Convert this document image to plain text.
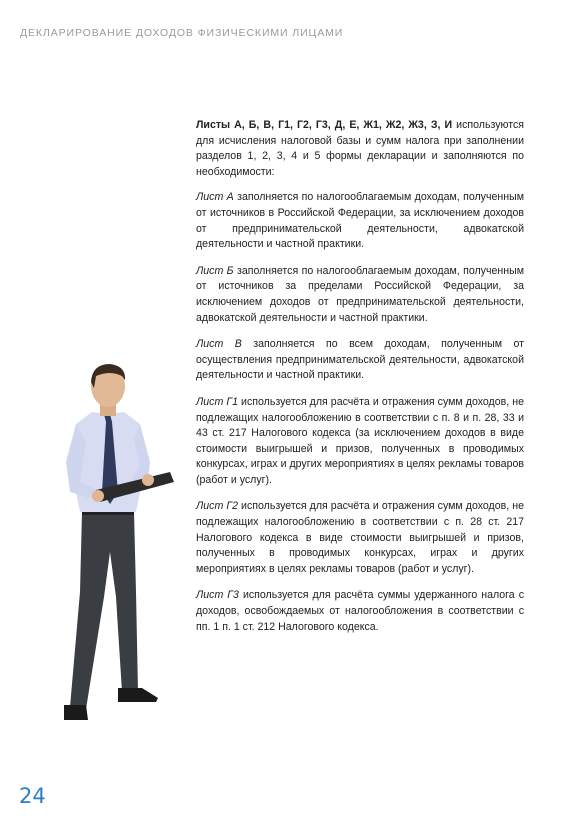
ДЕКЛАРИРОВАНИЕ ДОХОДОВ ФИЗИЧЕСКИМИ ЛИЦАМИ

Листы А, Б, В, Г1, Г2, Г3, Д, Е, Ж1, Ж2, Ж3, З, И используются для исчисления налоговой базы и сумм налога при заполнении разделов 1, 2, 3, 4 и 5 формы декларации и заполняются по необходимости:

Лист А заполняется по налогооблагаемым доходам, полученным от источников в Российской Федерации, за исключением доходов от предпринимательской деятельности, адвокатской деятельности и частной практики.

Лист Б заполняется по налогооблагаемым доходам, полученным от источников за пределами Российской Федерации, за исключением доходов от предпринимательской деятельности, адвокатской деятельности и частной практики.

Лист В заполняется по всем доходам, полученным от осуществления предпринимательской деятельности, адвокатской деятельности и частной практики.

Лист Г1 используется для расчёта и отражения сумм доходов, не подлежащих налогообложению в соответствии с п. 8 и п. 28, 33 и 43 ст. 217 Налогового кодекса (за исключением доходов в виде стоимости выигрышей и призов, полученных в проводимых конкурсах, играх и других мероприятиях в целях рекламы товаров (работ и услуг).

Лист Г2 используется для расчёта и отражения сумм доходов, не подлежащих налогообложению в соответствии с п. 28 ст. 217 Налогового кодекса в виде стоимости выигрышей и призов, полученных в проводимых конкурсах, играх и других мероприятиях в целях рекламы товаров (работ и услуг).

Лист Г3 используется для расчёта суммы удержанного налога с доходов, освобождаемых от налогообложения в соответствии с пп. 1 п. 1 ст. 212 Налогового кодекса.

24
